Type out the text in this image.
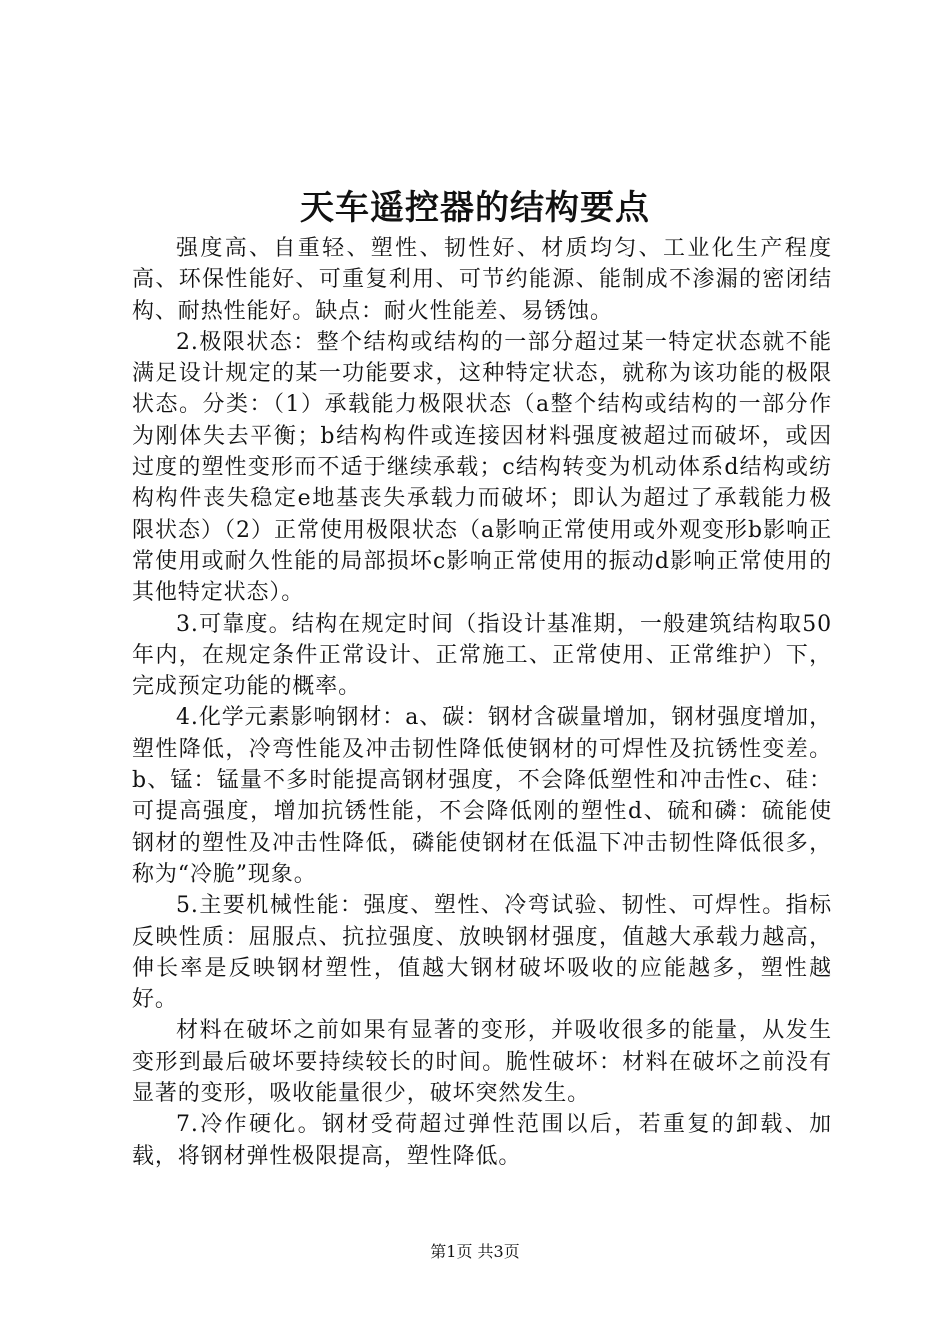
天车遥控器的结构要点

强度高、自重轻、塑性、韧性好、材质均匀、工业化生产程度高、环保性能好、可重复利用、可节约能源、能制成不渗漏的密闭结构、耐热性能好。缺点：耐火性能差、易锈蚀。

2.极限状态：整个结构或结构的一部分超过某一特定状态就不能满足设计规定的某一功能要求，这种特定状态，就称为该功能的极限状态。分类：（1）承载能力极限状态（a整个结构或结构的一部分作为刚体失去平衡；b结构构件或连接因材料强度被超过而破坏，或因过度的塑性变形而不适于继续承载；c结构转变为机动体系d结构或纺构构件丧失稳定e地基丧失承载力而破坏；即认为超过了承载能力极限状态）（2）正常使用极限状态（a影响正常使用或外观变形b影响正常使用或耐久性能的局部损坏c影响正常使用的振动d影响正常使用的其他特定状态）。

3.可靠度。结构在规定时间（指设计基准期，一般建筑结构取50年内，在规定条件正常设计、正常施工、正常使用、正常维护）下，完成预定功能的概率。

4.化学元素影响钢材：a、碳：钢材含碳量增加，钢材强度增加，塑性降低，冷弯性能及冲击韧性降低使钢材的可焊性及抗锈性变差。b、锰：锰量不多时能提高钢材强度，不会降低塑性和冲击性c、硅：可提高强度，增加抗锈性能，不会降低刚的塑性d、硫和磷：硫能使钢材的塑性及冲击性降低，磷能使钢材在低温下冲击韧性降低很多，称为“冷脆”现象。

5.主要机械性能：强度、塑性、冷弯试验、韧性、可焊性。指标反映性质：屈服点、抗拉强度、放映钢材强度，值越大承载力越高，伸长率是反映钢材塑性，值越大钢材破坏吸收的应能越多，塑性越好。

材料在破坏之前如果有显著的变形，并吸收很多的能量，从发生变形到最后破坏要持续较长的时间。脆性破坏：材料在破坏之前没有显著的变形，吸收能量很少，破坏突然发生。

7.冷作硬化。钢材受荷超过弹性范围以后，若重复的卸载、加载，将钢材弹性极限提高，塑性降低。

第1页 共3页
